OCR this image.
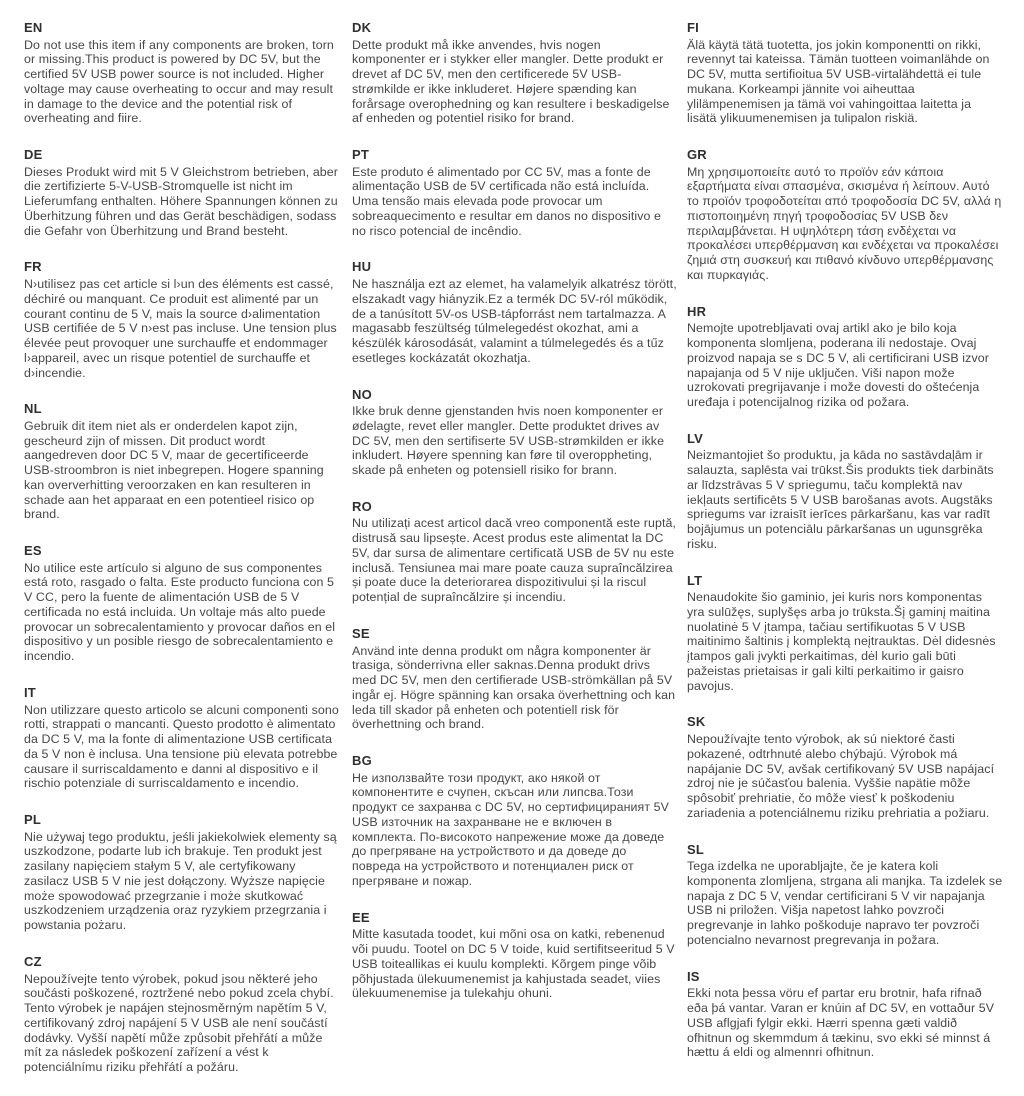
EN

Do not use this item if any components are broken, torn or missing.This product is powered by DC 5V, but the certified 5V USB power source is not included. Higher voltage may cause overheating to occur and may result in damage to the device and the potential risk of overheating and fiire.

DE

Dieses Produkt wird mit 5 V Gleichstrom betrieben, aber die zertifizierte 5-V-USB-Stromquelle ist nicht im Lieferumfang enthalten. Höhere Spannungen können zu Überhitzung führen und das Gerät beschädigen, sodass die Gefahr von Überhitzung und Brand besteht.

FR

N›utilisez pas cet article si l›un des éléments est cassé, déchiré ou manquant. Ce produit est alimenté par un courant continu de 5 V, mais la source d›alimentation USB certifiée de 5 V n›est pas incluse. Une tension plus élevée peut provoquer une surchauffe et endommager l›appareil, avec un risque potentiel de surchauffe et d›incendie.

NL

Gebruik dit item niet als er onderdelen kapot zijn, gescheurd zijn of missen. Dit product wordt aangedreven door DC 5 V, maar de gecertificeerde USB-stroombron is niet inbegrepen. Hogere spanning kan oververhitting veroorzaken en kan resulteren in schade aan het apparaat en een potentieel risico op brand.

ES

No utilice este artículo si alguno de sus componentes está roto, rasgado o falta. Este producto funciona con 5 V CC, pero la fuente de alimentación USB de 5 V certificada no está incluida. Un voltaje más alto puede provocar un sobrecalentamiento y provocar daños en el dispositivo y un posible riesgo de sobrecalentamiento e incendio.

IT

Non utilizzare questo articolo se alcuni componenti sono rotti, strappati o mancanti. Questo prodotto è alimentato da DC 5 V, ma la fonte di alimentazione USB certificata da 5 V non è inclusa. Una tensione più elevata potrebbe causare il surriscaldamento e danni al dispositivo e il rischio potenziale di surriscaldamento e incendio.

PL

Nie używaj tego produktu, jeśli jakiekolwiek elementy są uszkodzone, podarte lub ich brakuje. Ten produkt jest zasilany napięciem stałym 5 V, ale certyfikowany zasilacz USB 5 V nie jest dołączony. Wyższe napięcie może spowodować przegrzanie i może skutkować uszkodzeniem urządzenia oraz ryzykiem przegrzania i powstania pożaru.

CZ

Nepoužívejte tento výrobek, pokud jsou některé jeho součásti poškozené, roztržené nebo pokud zcela chybí. Tento výrobek je napájen stejnosměrným napětím 5 V, certifikovaný zdroj napájení 5 V USB ale není součástí dodávky. Vyšší napětí může způsobit přehřátí a může mít za následek poškození zařízení a vést k potenciálnímu riziku přehřátí a požáru.

DK

Dette produkt må ikke anvendes, hvis nogen komponenter er i stykker eller mangler. Dette produkt er drevet af DC 5V, men den certificerede 5V USB-strømkilde er ikke inkluderet. Højere spænding kan forårsage overophedning og kan resultere i beskadigelse af enheden og potentiel risiko for brand.

PT

Este produto é alimentado por CC 5V, mas a fonte de alimentação USB de 5V certificada não está incluída. Uma tensão mais elevada pode provocar um sobreaquecimento e resultar em danos no dispositivo e no risco potencial de incêndio.

HU

Ne használja ezt az elemet, ha valamelyik alkatrész törött, elszakadt vagy hiányzik.Ez a termék DC 5V-ról működik, de a tanúsított 5V-os USB-tápforrást nem tartalmazza. A magasabb feszültség túlmelegedést okozhat, ami a készülék károsodását, valamint a túlmelegedés és a tűz esetleges kockázatát okozhatja.

NO

Ikke bruk denne gjenstanden hvis noen komponenter er ødelagte, revet eller mangler. Dette produktet drives av DC 5V, men den sertifiserte 5V USB-strømkilden er ikke inkludert. Høyere spenning kan føre til overoppheting, skade på enheten og potensiell risiko for brann.

RO

Nu utilizați acest articol dacă vreo componentă este ruptă, distrusă sau lipsește. Acest produs este alimentat la DC 5V, dar sursa de alimentare certificată USB de 5V nu este inclusă. Tensiunea mai mare poate cauza supraîncălzirea și poate duce la deteriorarea dispozitivului și la riscul potențial de supraîncălzire și incendiu.

SE

Använd inte denna produkt om några komponenter är trasiga, sönderrivna eller saknas.Denna produkt drivs med DC 5V, men den certifierade USB-strömkällan på 5V ingår ej. Högre spänning kan orsaka överhettning och kan leda till skador på enheten och potentiell risk för överhettning och brand.

BG

Не използвайте този продукт, ако някой от компонентите е счупен, скъсан или липсва.Този продукт се захранва с DC 5V, но сертифицираният 5V USB източник на захранване не е включен в комплекта. По-високото напрежение може да доведе до прегряване на устройството и да доведе до повреда на устройството и потенциален риск от прегряване и пожар.

EE

Mitte kasutada toodet, kui mõni osa on katki, rebenenud või puudu. Tootel on DC 5 V toide, kuid sertifitseeritud 5 V USB toiteallikas ei kuulu komplekti. Kõrgem pinge võib põhjustada ülekuumenemist ja kahjustada seadet, viies ülekuumenemise ja tulekahju ohuni.

FI

Älä käytä tätä tuotetta, jos jokin komponentti on rikki, revennyt tai kateissa. Tämän tuotteen voimanlähde on DC 5V, mutta sertifioitua 5V USB-virtalähdettä ei tule mukana. Korkeampi jännite voi aiheuttaa ylilämpenemisen ja tämä voi vahingoittaa laitetta ja lisätä ylikuumenemisen ja tulipalon riskiä.

GR

Μη χρησιμοποιείτε αυτό το προϊόν εάν κάποια εξαρτήματα είναι σπασμένα, σκισμένα ή λείπουν. Αυτό το προϊόν τροφοδοτείται από τροφοδοσία DC 5V, αλλά η πιστοποιημένη πηγή τροφοδοσίας 5V USB δεν περιλαμβάνεται. Η υψηλότερη τάση ενδέχεται να προκαλέσει υπερθέρμανση και ενδέχεται να προκαλέσει ζημιά στη συσκευή και πιθανό κίνδυνο υπερθέρμανσης και πυρκαγιάς.

HR

Nemojte upotrebljavati ovaj artikl ako je bilo koja komponenta slomljena, poderana ili nedostaje. Ovaj proizvod napaja se s DC 5 V, ali certificirani USB izvor napajanja od 5 V nije uključen. Viši napon može uzrokovati pregrijavanje i može dovesti do oštećenja uređaja i potencijalnog rizika od požara.

LV

Neizmantojiet šo produktu, ja kāda no sastāvdaļām ir salauzta, saplēsta vai trūkst.Šis produkts tiek darbināts ar līdzstrāvas 5 V spriegumu, taču komplektā nav iekļauts sertificēts 5 V USB barošanas avots. Augstāks spriegums var izraisīt ierīces pārkaršanu, kas var radīt bojājumus un potenciālu pārkaršanas un ugunsgrēka risku.

LT

Nenaudokite šio gaminio, jei kuris nors komponentas yra sulūžęs, suplyšęs arba jo trūksta.Šį gaminį maitina nuolatinė 5 V įtampa, tačiau sertifikuotas 5 V USB maitinimo šaltinis į komplektą neįtrauktas. Dėl didesnės įtampos gali įvykti perkaitimas, dėl kurio gali būti pažeistas prietaisas ir gali kilti perkaitimo ir gaisro pavojus.

SK

Nepoužívajte tento výrobok, ak sú niektoré časti pokazené, odtrhnuté alebo chýbajú. Výrobok má napájanie DC 5V, avšak certifikovaný 5V USB napájací zdroj nie je súčasťou balenia. Vyššie napätie môže spôsobiť prehriatie, čo môže viesť k poškodeniu zariadenia a potenciálnemu riziku prehriatia a požiaru.

SL

Tega izdelka ne uporabljajte, če je katera koli komponenta zlomljena, strgana ali manjka. Ta izdelek se napaja z DC 5 V, vendar certificirani 5 V vir napajanja USB ni priložen. Višja napetost lahko povzroči pregrevanje in lahko poškoduje napravo ter povzroči potencialno nevarnost pregrevanja in požara.

IS

Ekki nota þessa vöru ef partar eru brotnir, hafa rifnað eða þá vantar. Varan er knúin af DC 5V, en vottaður 5V USB aflgjafi fylgir ekki. Hærri spenna gæti valdið ofhitnun og skemmdum á tækinu, svo ekki sé minnst á hættu á eldi og almennri ofhitnun.
